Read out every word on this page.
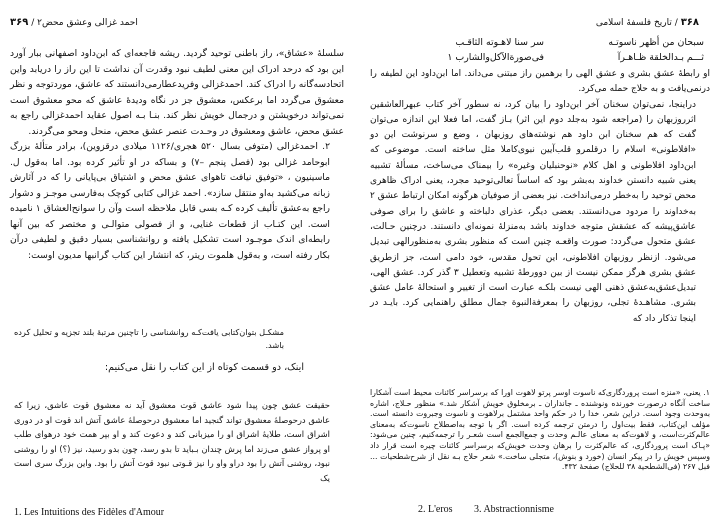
احمد غزالی وعشق محض۲ / ۳۶۹

سلسلهٔ «عشاق»، راز باطنی توحید گردید. ریشه فاجعه‌ای که ابن‌داود اصفهانی ببار آورد این بود که درحد ادراک این معنی لطیف نبود وقدرت آن نداشت تا این راز را دریابد واین اتحادسه‌گانه را ادراک کند. احمدغزالی وفریدعطارمی‌دانستند که عاشق، موردتوجه و نظر معشوق می‌گردد اما برعکس، معشوق جز در نگاه ودیدهٔ عاشق که محو معشوق است نمی‌تواند درخویشتن و درجمال خویش نظر کند. بنـا بـه اصول عقاید احمدغزالی راجع به عشق محض، عاشق ومعشوق در وحـدت عنصر عشق محض، منحل ومحو می‌گردند.

۲. احمدغزالی (متوفی بسال ۵۲۰ هجری/۱۱۲۶ میلادی درقزوین)، برادر متألهٔ بزرگ ابوحامد غزالی بود (فصل پنجم –۷) و بساکه در او تأثیر کرده بود. اما به‌قول ل. ماسینیون ، «توفیق نیافت تاهوای عشق محض و اشتیاق بی‌پایانی را که در آثارش زبانه می‌کشید به‌او منتقل سازد». احمد غزالی کتابی کوچک به‌فارسی موجـز و دشوار راجع به‌عشق تألیف کرده کـه بسی قابل ملاحظه است وآن را سوانح‌العشاق ۱ نامیده است. این کتـاب از قطعات غنایی، و از فصولی متوالـی و مختصر که بین آنها رابطه‌ای اندک موجـود است تشکیل یافته و روانشناسی بسیار دقیق و لطیفی درآن بکار رفته است، و به‌قول هلموت ریتر، که انتشار این کتاب گرانبها مدیون اوست:

مشکـل بتوان‌کتابی یافت‌کـه روانشناسی را تاچنین مرتبهٔ بلند تجزیه و تحلیل کرده باشد.
اینک، دو قسمت کوتاه از این کتاب را نقل می‌کنیم:
حقیقت عشق چون پیدا شود عاشق قوت معشوق آید نه معشوق قوت عاشق، زیرا که عاشق درحوصلهٔ معشوق تواند گنجید اما معشوق درحوصلهٔ عاشق آتش اند قوت او در دوری اشراق است، طلایهٔ اشراق او را میزبانی کند و دعوت کند و او بپر همت خود درهوای طلب او پرواز عشق می‌زند اما پرش چندان بـباید تا بدو رسد، چون بدو رسید، نیز (؟) او را روشنی نبود، روشنی آتش را بود دراو واو را نیز قـوتی نبود قوت آتش را بود. واین بزرگ سری است یک
1. Les Intuitions des Fidèles d'Amour
۳۶۸ / تاریخ فلسفهٔ اسلامی
سبحان من أظهر ناسوتـه
سر سنا لاهـوته الثاقـب
ثـــم بـدالخلقة ظـاهـرآ
فی‌صورة‌الآکل‌والشارب ۱

او رابطهٔ عشق بشری و عشق الهی را برهمین راز مبتنی می‌داند. اما ابن‌داود این لطیفه را درنمی‌یافت و به حلاج حمله می‌کرد.

دراینجا، نمی‌توان سخنان آخر ابن‌داود را بیان کرد، نه سطور آخر کتاب عبهرالعاشقین اثرروزبهان را (مراجعه شود به‌جلد دوم این اثر) بـاز گفت، اما فعلا این اندازه می‌توان گفت که هم سخنان ابن داود هم نوشته‌های روزبهان ، وضع و سرنوشت این دو «افلاطونی» اسلام را درقلمرو قلب‌آیین نبوی‌کاملا مثل ساخته است. موضوعی که ابن‌داود افلاطونی و اهل کلام «نوحنبلیان وغیره» را بیمناک می‌ساخت، مسألهٔ تشبیه یعنی شبیه دانستن خداوند به‌بشر بود که اساساً تعالی‌توحید مجرد، یعنی ادراک ظاهری محض توحید را به‌خطر درمی‌انداخت. نیز بعضی از صوفیان هرگونه امکان ارتباط عشق ۲ به‌خداوند را مردود می‌دانستند. بعضی دیگر، عذرای دلباخته و عاشق را برای صوفی عاشق‌پیشه که عشقش متوجه خداوند باشد به‌منزلهٔ نمونه‌ای دانستند. درچنین حـالت، عشق متحول می‌گردد: صورت واقعـه چنین است که منظور بشری به‌منظورالهی تبدیل می‌شود. ازنظر روزبهان افلاطونی، این تحول مقدس، خود دامی است، جز ازطریق عشق بشری هرگز ممکن نیست از بین دوورطهٔ تشبیه وتعطیل ۳ گذر کرد. عشق الهی، تبدیل‌عشق‌به‌عشق ذهنی الهی نیست بلکـه عبارت است از تغییر و استحالهٔ عامل عشق بشری. مشاهـدهٔ تجلی، روزبهان را بمعرفةالنبوة جمال مطلق راهنمایی کرد. بایـد در اینجا تذکار داد که

۱. یعنی، «منزه است پروردگاری‌که ناسوت اوسر پرتو لاهوت اورا که برسراسر کائنات محیط است آشکارا ساخت آنگاه درصورت خورنده ونوشنده ـ جانداران ـ برمخلوق خویش آشکار شد.» منظور حـلاج، اشاره به‌وحدت وجود است. دراین شعر، خدا را در حکم واحد مشتمل برلاهوت و ناسوت وجبروت دانسته است. مؤلف این‌کتاب، فقط بیت‌اول را درمتن ترجمه کرده است. اگر با توجه به‌اصطلاح ناسوت‌که به‌معنای عالم‌کثرت‌است، و لاهوت‌که به معنای عالـم وحدت و جمع‌الجمع است شعـر را ترجمه‌کنیم، چنین می‌شود: «پـاک است پروردگاری، که عالم‌کثرت را برهان وحدت خویش‌که برسراسر کائنات چیره است قرار داد وسپس خویش را در پیکر انسان (خورد و بنوش)، متجلی ساخت.» شعر حلاج بـه نقل از شرح‌شطحیات ... فبل ۲۶۷ (فی‌الشطحیة ۳۸ للحلاج) صفحهٔ ۴۳۲.
3. Abstractionnisme
2. L'eros
